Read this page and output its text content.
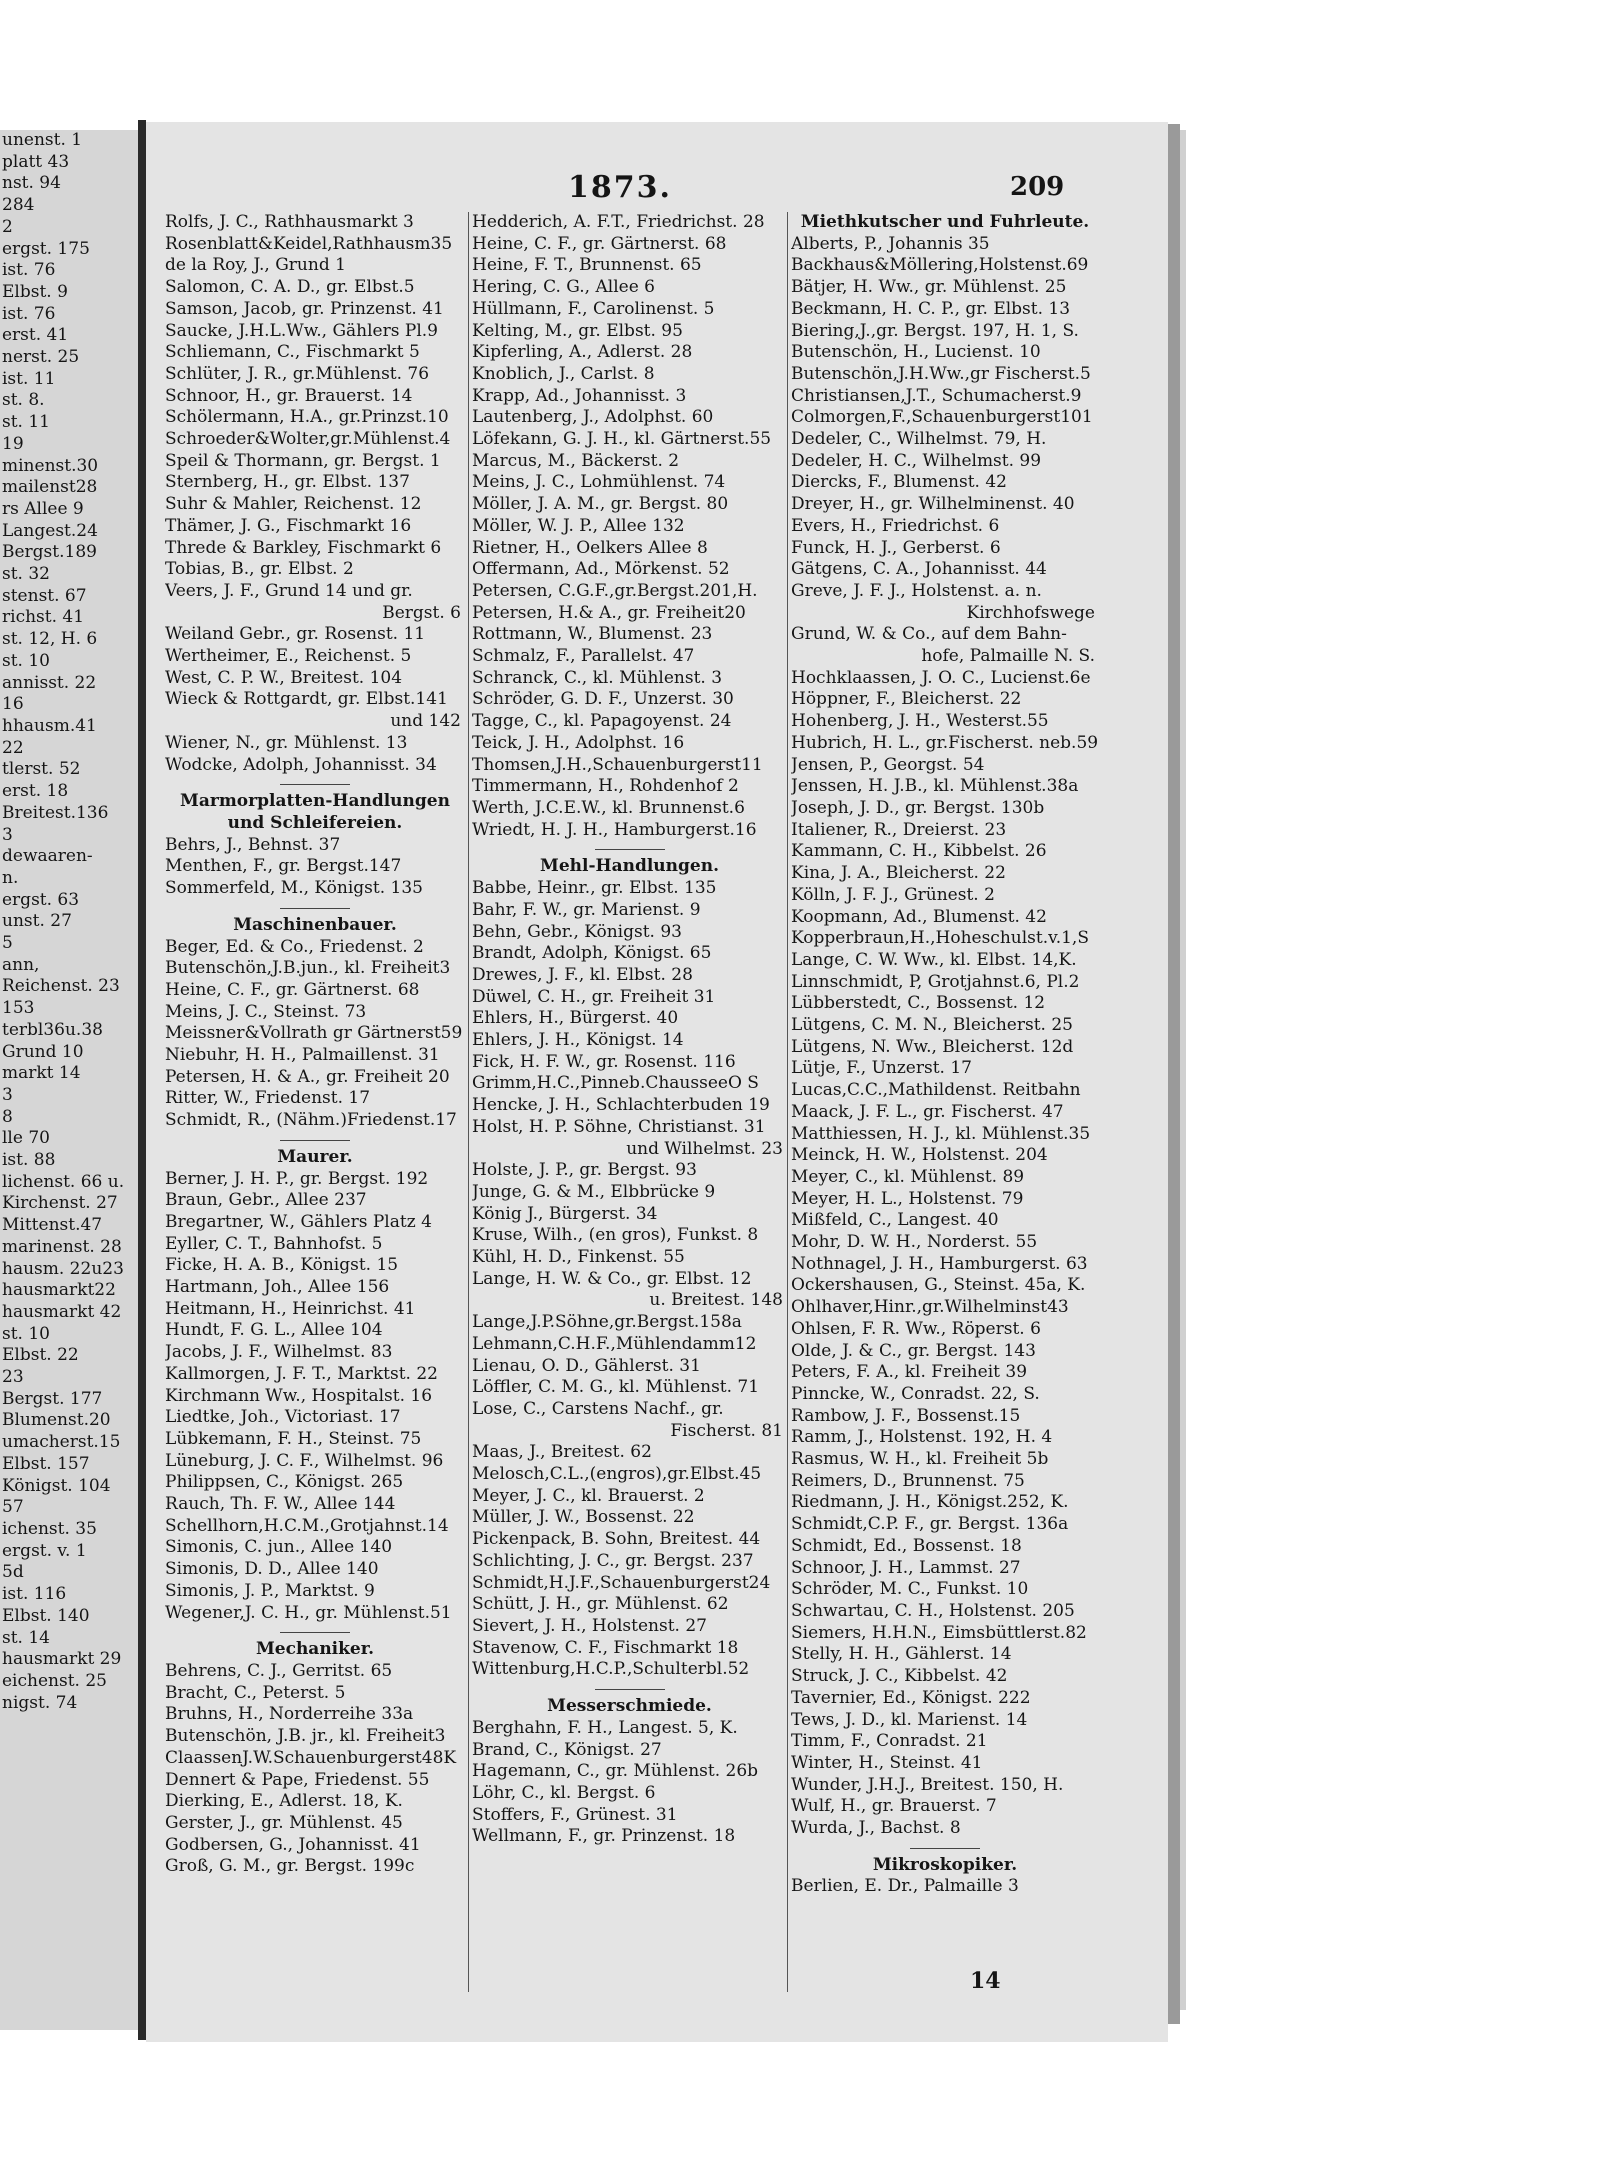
unenst. 1
platt 43
nst. 94
284
2
ergst. 175
ist. 76
Elbst. 9
ist. 76
erst. 41
nerst. 25
ist. 11
st. 8.
st. 11
19
minenst.30
mailenst28
rs Allee 9
Langest.24
Bergst.189
st. 32
stenst. 67
richst. 41
st. 12, H. 6
st. 10
annisst. 22
16
hhausm.41
22
tlerst. 52
erst. 18
Breitest.136
3
dewaaren-
n.
ergst. 63
unst. 27
5
ann,
Reichenst. 23
153
terbl36u.38
Grund 10
markt 14
3
8
lle 70
ist. 88
lichenst. 66 u.
Kirchenst. 27
Mittenst.47
marinenst. 28
hausm. 22u23
hausmarkt22
hausmarkt 42
st. 10
Elbst. 22
23
Bergst. 177
Blumenst.20
umacherst.15
Elbst. 157
Königst. 104
57
ichenst. 35
ergst. v. 1
5d
ist. 116
Elbst. 140
st. 14
hausmarkt 29
eichenst. 25
nigst. 74
1873.	209
Rolfs, J. C., Rathhausmarkt 3
Rosenblatt&Keidel,Rathhausm35
de la Roy, J., Grund 1
Salomon, C. A. D., gr. Elbst.5
Samson, Jacob, gr. Prinzenst. 41
Saucke, J.H.L.Ww., Gählers Pl.9
Schliemann, C., Fischmarkt 5
Schlüter, J. R., gr.Mühlenst. 76
Schnoor, H., gr. Brauerst. 14
Schölermann, H.A., gr.Prinzst.10
Schroeder&Wolter,gr.Mühlenst.4
Speil & Thormann, gr. Bergst. 1
Sternberg, H., gr. Elbst. 137
Suhr & Mahler, Reichenst. 12
Thämer, J. G., Fischmarkt 16
Threde & Barkley, Fischmarkt 6
Tobias, B., gr. Elbst. 2
Veers, J. F., Grund 14 und gr.
Bergst. 6
Weiland Gebr., gr. Rosenst. 11
Wertheimer, E., Reichenst. 5
West, C. P. W., Breitest. 104
Wieck & Rottgardt, gr. Elbst.141
und 142
Wiener, N., gr. Mühlenst. 13
Wodcke, Adolph, Johannisst. 34
Marmorplatten-Handlungen
und Schleifereien.
Behrs, J., Behnst. 37
Menthen, F., gr. Bergst.147
Sommerfeld, M., Königst. 135
Maschinenbauer.
Beger, Ed. & Co., Friedenst. 2
Butenschön,J.B.jun., kl. Freiheit3
Heine, C. F., gr. Gärtnerst. 68
Meins, J. C., Steinst. 73
Meissner&Vollrath gr Gärtnerst59
Niebuhr, H. H., Palmaillenst. 31
Petersen, H. & A., gr. Freiheit 20
Ritter, W., Friedenst. 17
Schmidt, R., (Nähm.)Friedenst.17
Maurer.
Berner, J. H. P., gr. Bergst. 192
Braun, Gebr., Allee 237
Bregartner, W., Gählers Platz 4
Eyller, C. T., Bahnhofst. 5
Ficke, H. A. B., Königst. 15
Hartmann, Joh., Allee 156
Heitmann, H., Heinrichst. 41
Hundt, F. G. L., Allee 104
Jacobs, J. F., Wilhelmst. 83
Kallmorgen, J. F. T., Marktst. 22
Kirchmann Ww., Hospitalst. 16
Liedtke, Joh., Victoriast. 17
Lübkemann, F. H., Steinst. 75
Lüneburg, J. C. F., Wilhelmst. 96
Philippsen, C., Königst. 265
Rauch, Th. F. W., Allee 144
Schellhorn,H.C.M.,Grotjahnst.14
Simonis, C. jun., Allee 140
Simonis, D. D., Allee 140
Simonis, J. P., Marktst. 9
Wegener,J. C. H., gr. Mühlenst.51
Mechaniker.
Behrens, C. J., Gerritst. 65
Bracht, C., Peterst. 5
Bruhns, H., Norderreihe 33a
Butenschön, J.B. jr., kl. Freiheit3
ClaassenJ.W.Schauenburgerst48K
Dennert & Pape, Friedenst. 55
Dierking, E., Adlerst. 18, K.
Gerster, J., gr. Mühlenst. 45
Godbersen, G., Johannisst. 41
Groß, G. M., gr. Bergst. 199c
Hedderich, A. F.T., Friedrichst. 28
Heine, C. F., gr. Gärtnerst. 68
Heine, F. T., Brunnenst. 65
Hering, C. G., Allee 6
Hüllmann, F., Carolinenst. 5
Kelting, M., gr. Elbst. 95
Kipferling, A., Adlerst. 28
Knoblich, J., Carlst. 8
Krapp, Ad., Johannisst. 3
Lautenberg, J., Adolphst. 60
Löfekann, G. J. H., kl. Gärtnerst.55
Marcus, M., Bäckerst. 2
Meins, J. C., Lohmühlenst. 74
Möller, J. A. M., gr. Bergst. 80
Möller, W. J. P., Allee 132
Rietner, H., Oelkers Allee 8
Offermann, Ad., Mörkenst. 52
Petersen, C.G.F.,gr.Bergst.201,H.
Petersen, H.& A., gr. Freiheit20
Rottmann, W., Blumenst. 23
Schmalz, F., Parallelst. 47
Schranck, C., kl. Mühlenst. 3
Schröder, G. D. F., Unzerst. 30
Tagge, C., kl. Papagoyenst. 24
Teick, J. H., Adolphst. 16
Thomsen,J.H.,Schauenburgerst11
Timmermann, H., Rohdenhof 2
Werth, J.C.E.W., kl. Brunnenst.6
Wriedt, H. J. H., Hamburgerst.16
Mehl-Handlungen.
Babbe, Heinr., gr. Elbst. 135
Bahr, F. W., gr. Marienst. 9
Behn, Gebr., Königst. 93
Brandt, Adolph, Königst. 65
Drewes, J. F., kl. Elbst. 28
Düwel, C. H., gr. Freiheit 31
Ehlers, H., Bürgerst. 40
Ehlers, J. H., Königst. 14
Fick, H. F. W., gr. Rosenst. 116
Grimm,H.C.,Pinneb.ChausseeO S
Hencke, J. H., Schlachterbuden 19
Holst, H. P. Söhne, Christianst. 31
und Wilhelmst. 23
Holste, J. P., gr. Bergst. 93
Junge, G. & M., Elbbrücke 9
König J., Bürgerst. 34
Kruse, Wilh., (en gros), Funkst. 8
Kühl, H. D., Finkenst. 55
Lange, H. W. & Co., gr. Elbst. 12
u. Breitest. 148
Lange,J.P.Söhne,gr.Bergst.158a
Lehmann,C.H.F.,Mühlendamm12
Lienau, O. D., Gählerst. 31
Löffler, C. M. G., kl. Mühlenst. 71
Lose, C., Carstens Nachf., gr.
Fischerst. 81
Maas, J., Breitest. 62
Melosch,C.L.,(engros),gr.Elbst.45
Meyer, J. C., kl. Brauerst. 2
Müller, J. W., Bossenst. 22
Pickenpack, B. Sohn, Breitest. 44
Schlichting, J. C., gr. Bergst. 237
Schmidt,H.J.F.,Schauenburgerst24
Schütt, J. H., gr. Mühlenst. 62
Sievert, J. H., Holstenst. 27
Stavenow, C. F., Fischmarkt 18
Wittenburg,H.C.P.,Schulterbl.52
Messerschmiede.
Berghahn, F. H., Langest. 5, K.
Brand, C., Königst. 27
Hagemann, C., gr. Mühlenst. 26b
Löhr, C., kl. Bergst. 6
Stoffers, F., Grünest. 31
Wellmann, F., gr. Prinzenst. 18
Miethkutscher und Fuhrleute.
Alberts, P., Johannis 35
Backhaus&Möllering,Holstenst.69
Bätjer, H. Ww., gr. Mühlenst. 25
Beckmann, H. C. P., gr. Elbst. 13
Biering,J.,gr. Bergst. 197, H. 1, S.
Butenschön, H., Lucienst. 10
Butenschön,J.H.Ww.,gr Fischerst.5
Christiansen,J.T., Schumacherst.9
Colmorgen,F.,Schauenburgerst101
Dedeler, C., Wilhelmst. 79, H.
Dedeler, H. C., Wilhelmst. 99
Diercks, F., Blumenst. 42
Dreyer, H., gr. Wilhelminenst. 40
Evers, H., Friedrichst. 6
Funck, H. J., Gerberst. 6
Gätgens, C. A., Johannisst. 44
Greve, J. F. J., Holstenst. a. n.
Kirchhofswege
Grund, W. & Co., auf dem Bahn-
hofe, Palmaille N. S.
Hochklaassen, J. O. C., Lucienst.6e
Höppner, F., Bleicherst. 22
Hohenberg, J. H., Westerst.55
Hubrich, H. L., gr.Fischerst. neb.59
Jensen, P., Georgst. 54
Jenssen, H. J.B., kl. Mühlenst.38a
Joseph, J. D., gr. Bergst. 130b
Italiener, R., Dreierst. 23
Kammann, C. H., Kibbelst. 26
Kina, J. A., Bleicherst. 22
Kölln, J. F. J., Grünest. 2
Koopmann, Ad., Blumenst. 42
Kopperbraun,H.,Hoheschulst.v.1,S
Lange, C. W. Ww., kl. Elbst. 14,K.
Linnschmidt, P, Grotjahnst.6, Pl.2
Lübberstedt, C., Bossenst. 12
Lütgens, C. M. N., Bleicherst. 25
Lütgens, N. Ww., Bleicherst. 12d
Lütje, F., Unzerst. 17
Lucas,C.C.,Mathildenst. Reitbahn
Maack, J. F. L., gr. Fischerst. 47
Matthiessen, H. J., kl. Mühlenst.35
Meinck, H. W., Holstenst. 204
Meyer, C., kl. Mühlenst. 89
Meyer, H. L., Holstenst. 79
Mißfeld, C., Langest. 40
Mohr, D. W. H., Norderst. 55
Nothnagel, J. H., Hamburgerst. 63
Ockershausen, G., Steinst. 45a, K.
Ohlhaver,Hinr.,gr.Wilhelminst43
Ohlsen, F. R. Ww., Röperst. 6
Olde, J. & C., gr. Bergst. 143
Peters, F. A., kl. Freiheit 39
Pinncke, W., Conradst. 22, S.
Rambow, J. F., Bossenst.15
Ramm, J., Holstenst. 192, H. 4
Rasmus, W. H., kl. Freiheit 5b
Reimers, D., Brunnenst. 75
Riedmann, J. H., Königst.252, K.
Schmidt,C.P. F., gr. Bergst. 136a
Schmidt, Ed., Bossenst. 18
Schnoor, J. H., Lammst. 27
Schröder, M. C., Funkst. 10
Schwartau, C. H., Holstenst. 205
Siemers, H.H.N., Eimsbüttlerst.82
Stelly, H. H., Gählerst. 14
Struck, J. C., Kibbelst. 42
Tavernier, Ed., Königst. 222
Tews, J. D., kl. Marienst. 14
Timm, F., Conradst. 21
Winter, H., Steinst. 41
Wunder, J.H.J., Breitest. 150, H.
Wulf, H., gr. Brauerst. 7
Wurda, J., Bachst. 8
Mikroskopiker.
Berlien, E. Dr., Palmaille 3
14
